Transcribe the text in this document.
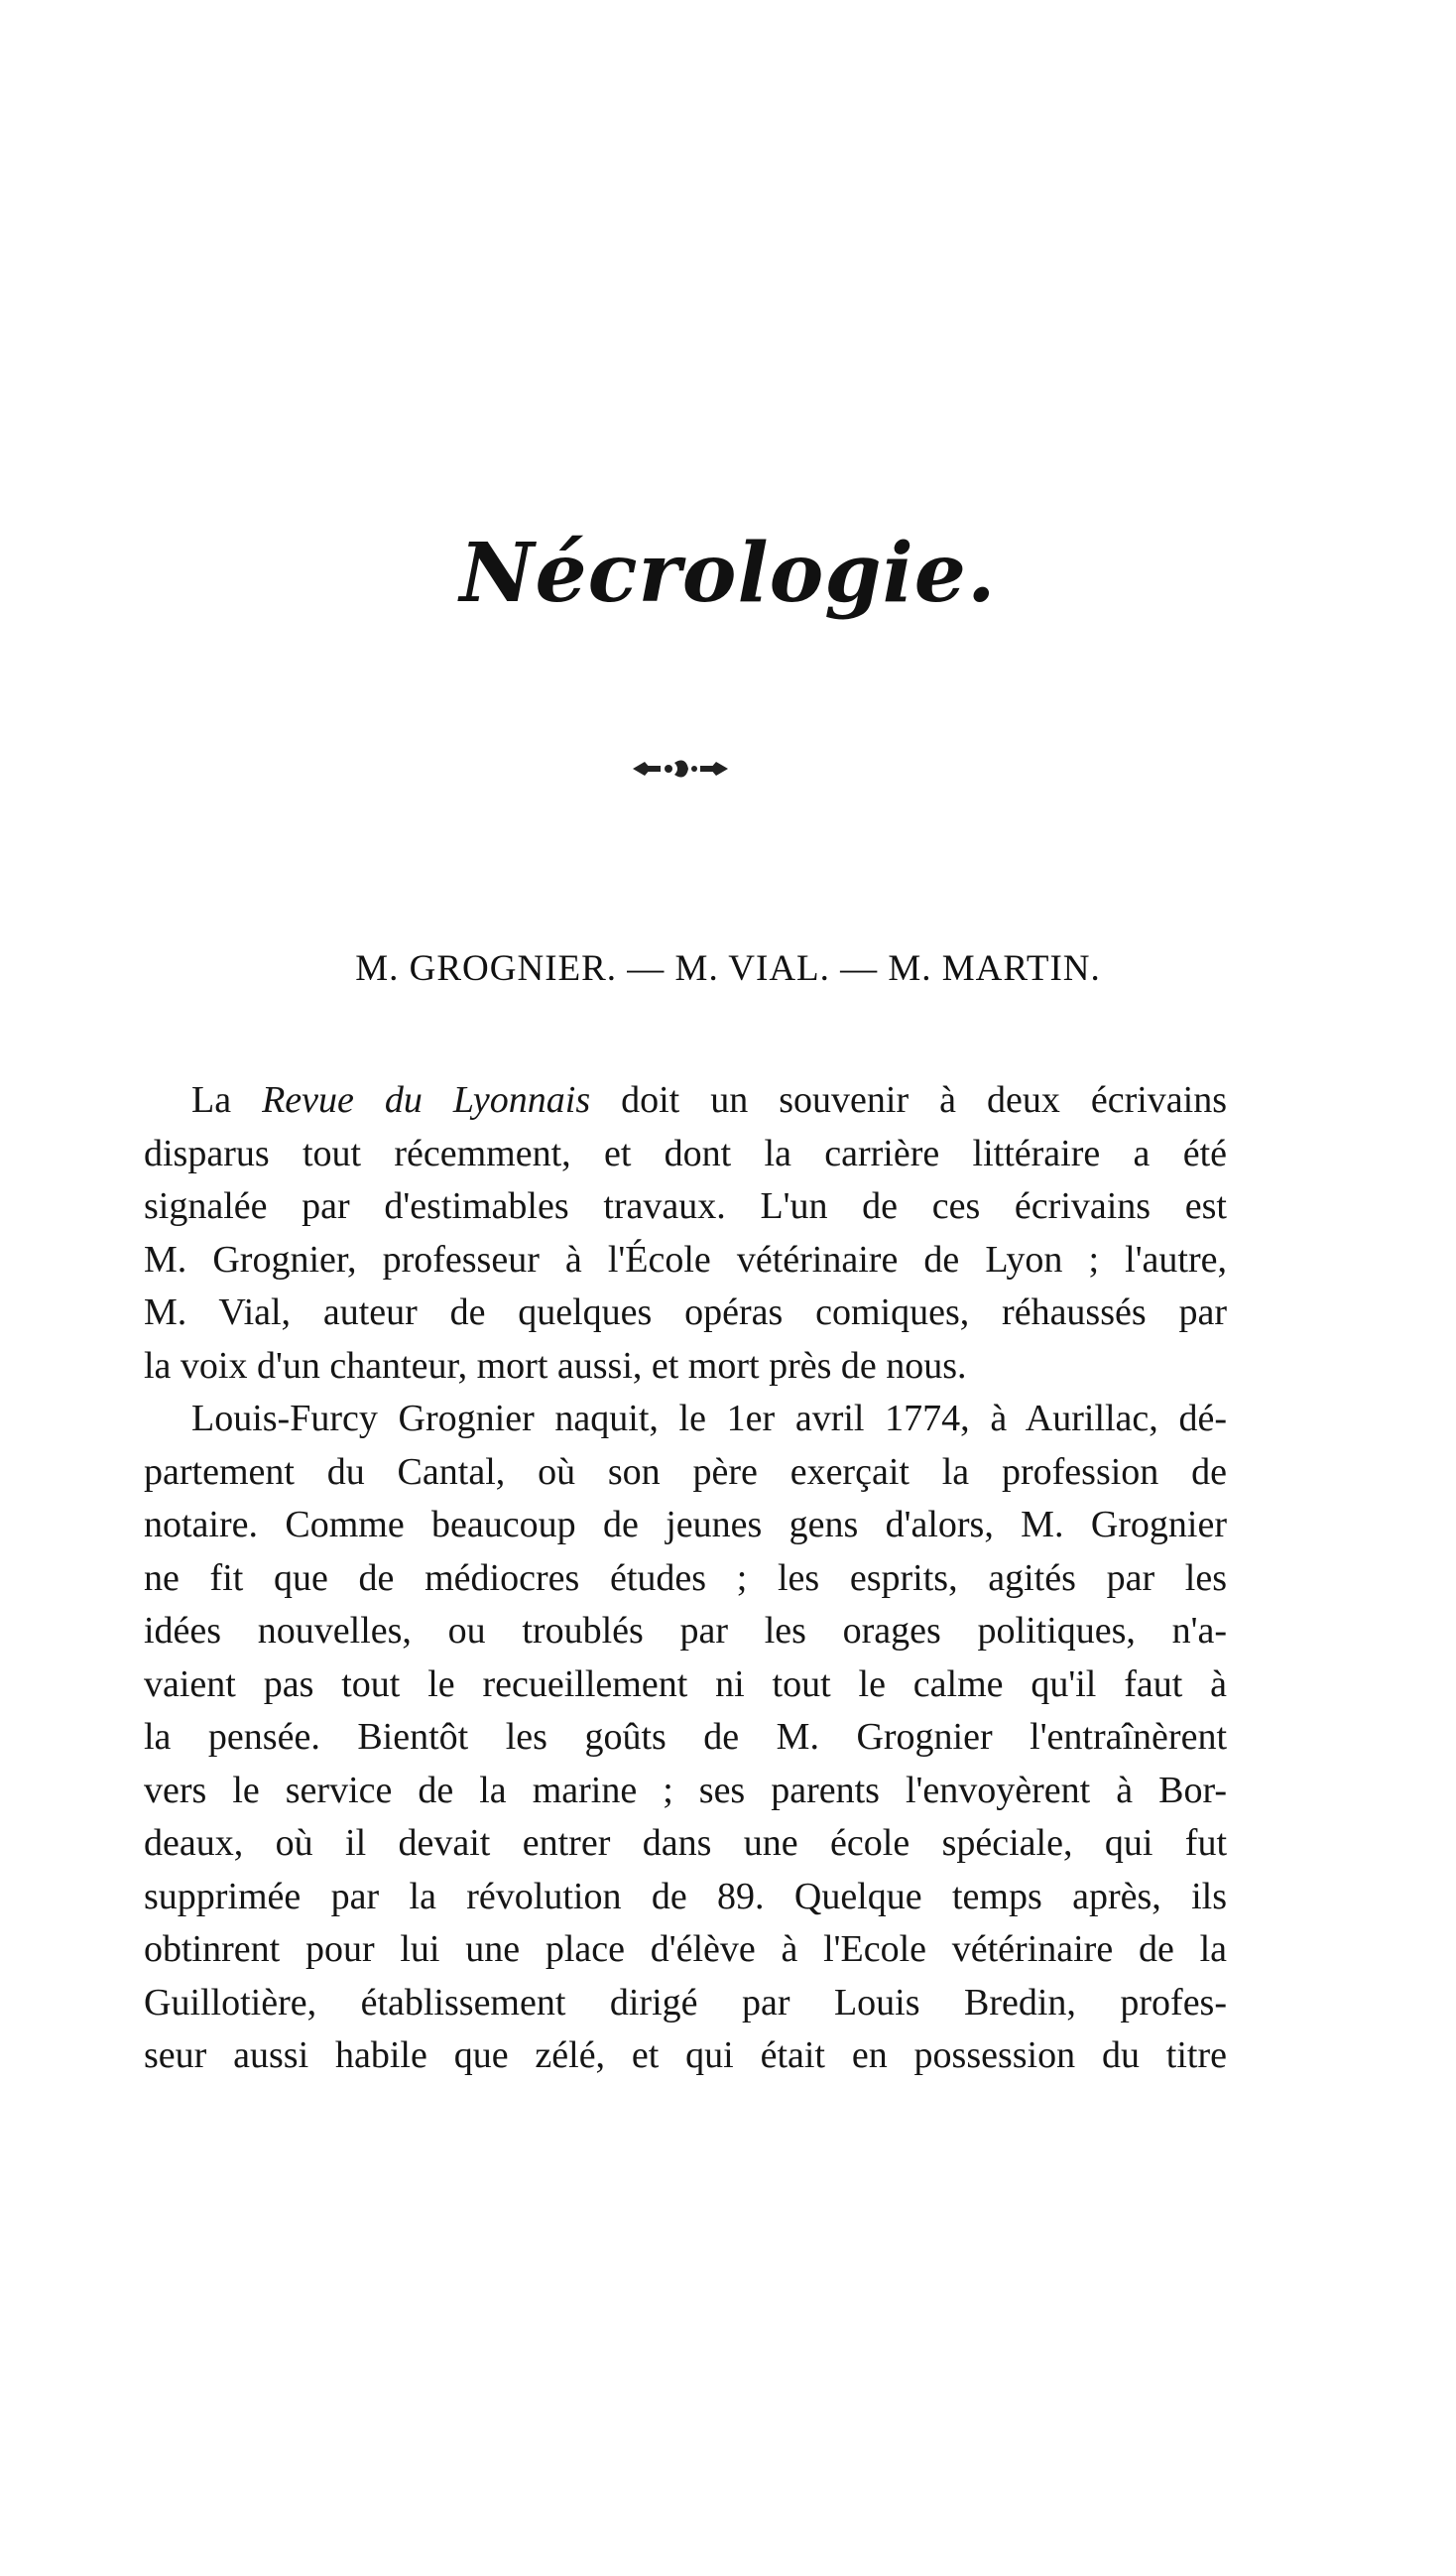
Nécrologie.
M. GROGNIER. — M. VIAL. — M. MARTIN.
La Revue du Lyonnais doit un souvenir à deux écrivains
disparus tout récemment, et dont la carrière littéraire a été
signalée par d'estimables travaux. L'un de ces écrivains est
M. Grognier, professeur à l'École vétérinaire de Lyon ; l'autre,
M. Vial, auteur de quelques opéras comiques, réhaussés par
la voix d'un chanteur, mort aussi, et mort près de nous.
Louis-Furcy Grognier naquit, le 1er avril 1774, à Aurillac, dé-
partement du Cantal, où son père exerçait la profession de
notaire. Comme beaucoup de jeunes gens d'alors, M. Grognier
ne fit que de médiocres études ; les esprits, agités par les
idées nouvelles, ou troublés par les orages politiques, n'a-
vaient pas tout le recueillement ni tout le calme qu'il faut à
la pensée. Bientôt les goûts de M. Grognier l'entraînèrent
vers le service de la marine ; ses parents l'envoyèrent à Bor-
deaux, où il devait entrer dans une école spéciale, qui fut
supprimée par la révolution de 89. Quelque temps après, ils
obtinrent pour lui une place d'élève à l'Ecole vétérinaire de la
Guillotière, établissement dirigé par Louis Bredin, profes-
seur aussi habile que zélé, et qui était en possession du titre
